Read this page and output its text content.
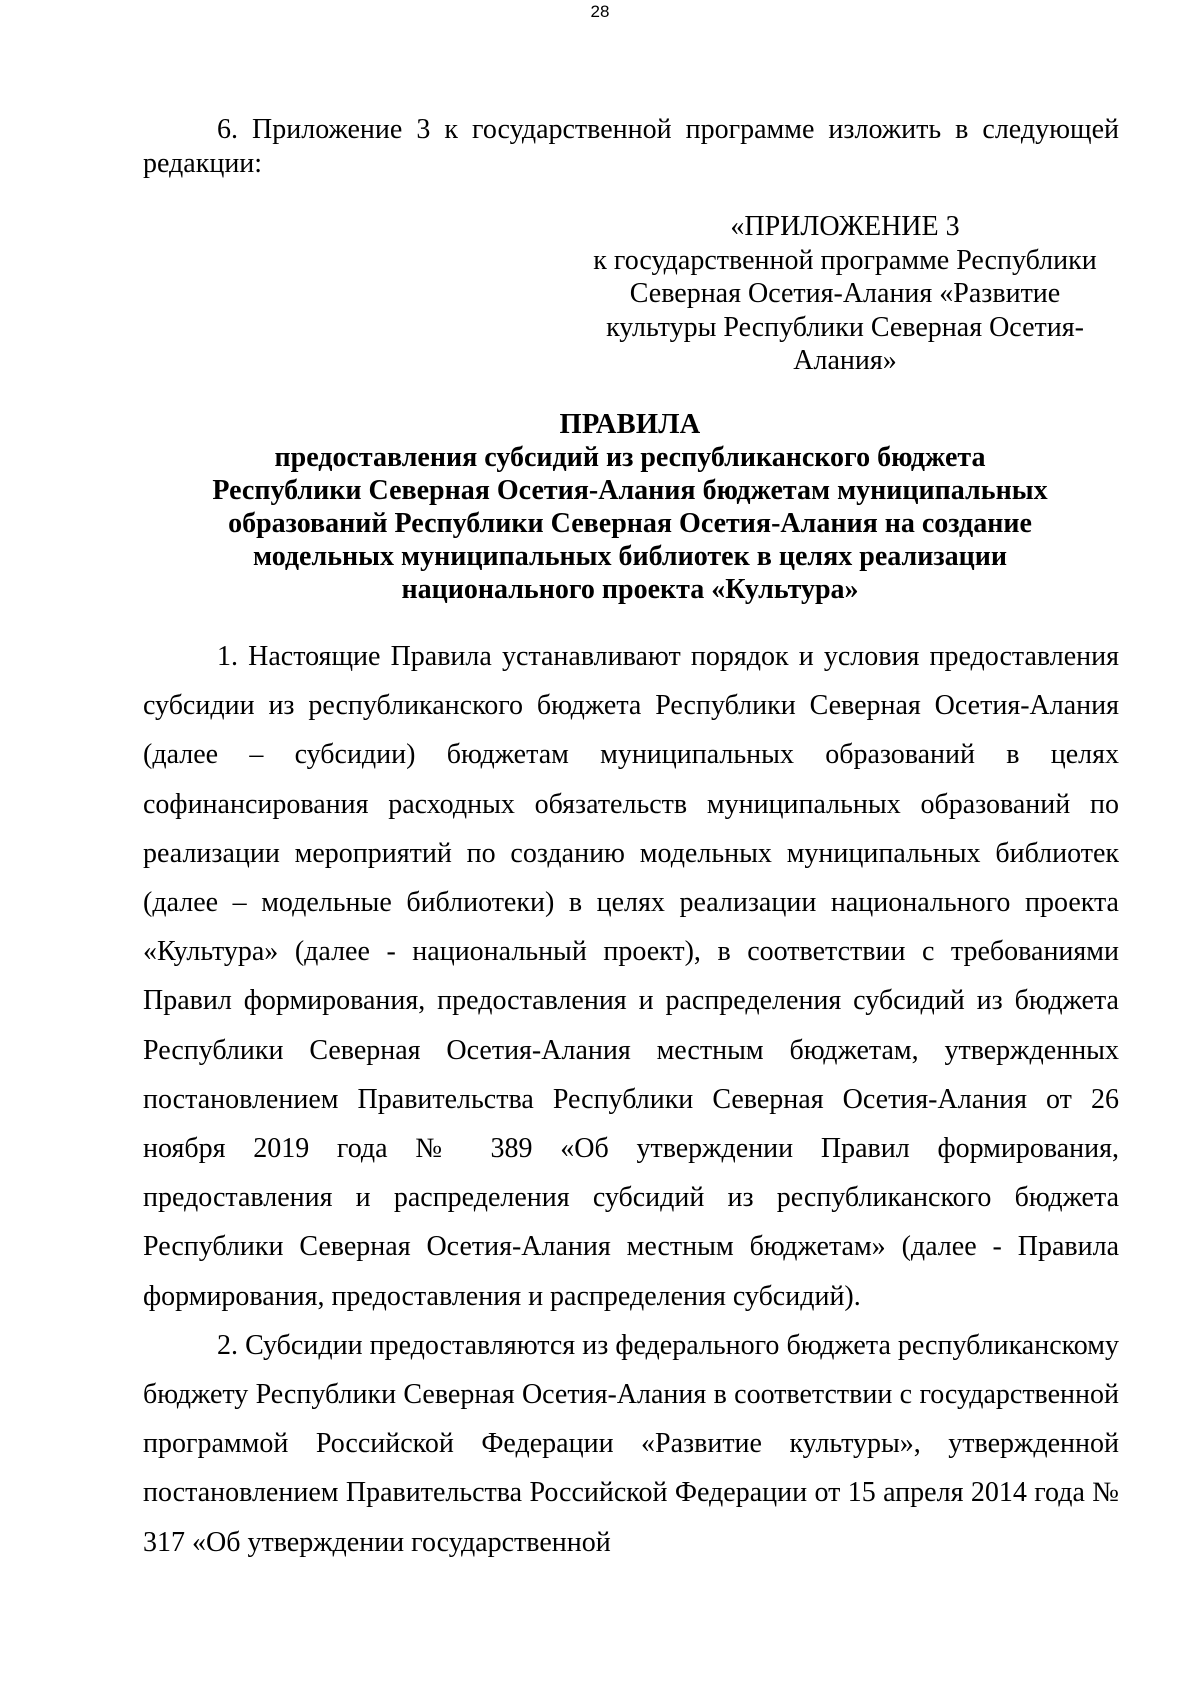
28

6. Приложение 3 к государственной программе изложить в следующей редакции:

«ПРИЛОЖЕНИЕ 3
к государственной программе Республики
Северная Осетия-Алания «Развитие
культуры Республики Северная Осетия-
Алания»
ПРАВИЛА
предоставления субсидий из республиканского бюджета
Республики Северная Осетия-Алания бюджетам муниципальных
образований Республики Северная Осетия-Алания на создание
модельных муниципальных библиотек в целях реализации
национального проекта «Культура»

1. Настоящие Правила устанавливают порядок и условия предоставления субсидии из республиканского бюджета Республики Северная Осетия-Алания (далее – субсидии) бюджетам муниципальных образований в целях софинансирования расходных обязательств муниципальных образований по реализации мероприятий по созданию модельных муниципальных библиотек (далее – модельные библиотеки) в целях реализации национального проекта «Культура» (далее - национальный проект), в соответствии с требованиями Правил формирования, предоставления и распределения субсидий из бюджета Республики Северная Осетия-Алания местным бюджетам, утвержденных постановлением Правительства Республики Северная Осетия-Алания от 26 ноября 2019 года № 389 «Об утверждении Правил формирования, предоставления и распределения субсидий из республиканского бюджета Республики Северная Осетия-Алания местным бюджетам» (далее - Правила формирования, предоставления и распределения субсидий).

2. Субсидии предоставляются из федерального бюджета республиканскому бюджету Республики Северная Осетия-Алания в соответствии с государственной программой Российской Федерации «Развитие культуры», утвержденной постановлением Правительства Российской Федерации от 15 апреля 2014 года № 317 «Об утверждении государственной
